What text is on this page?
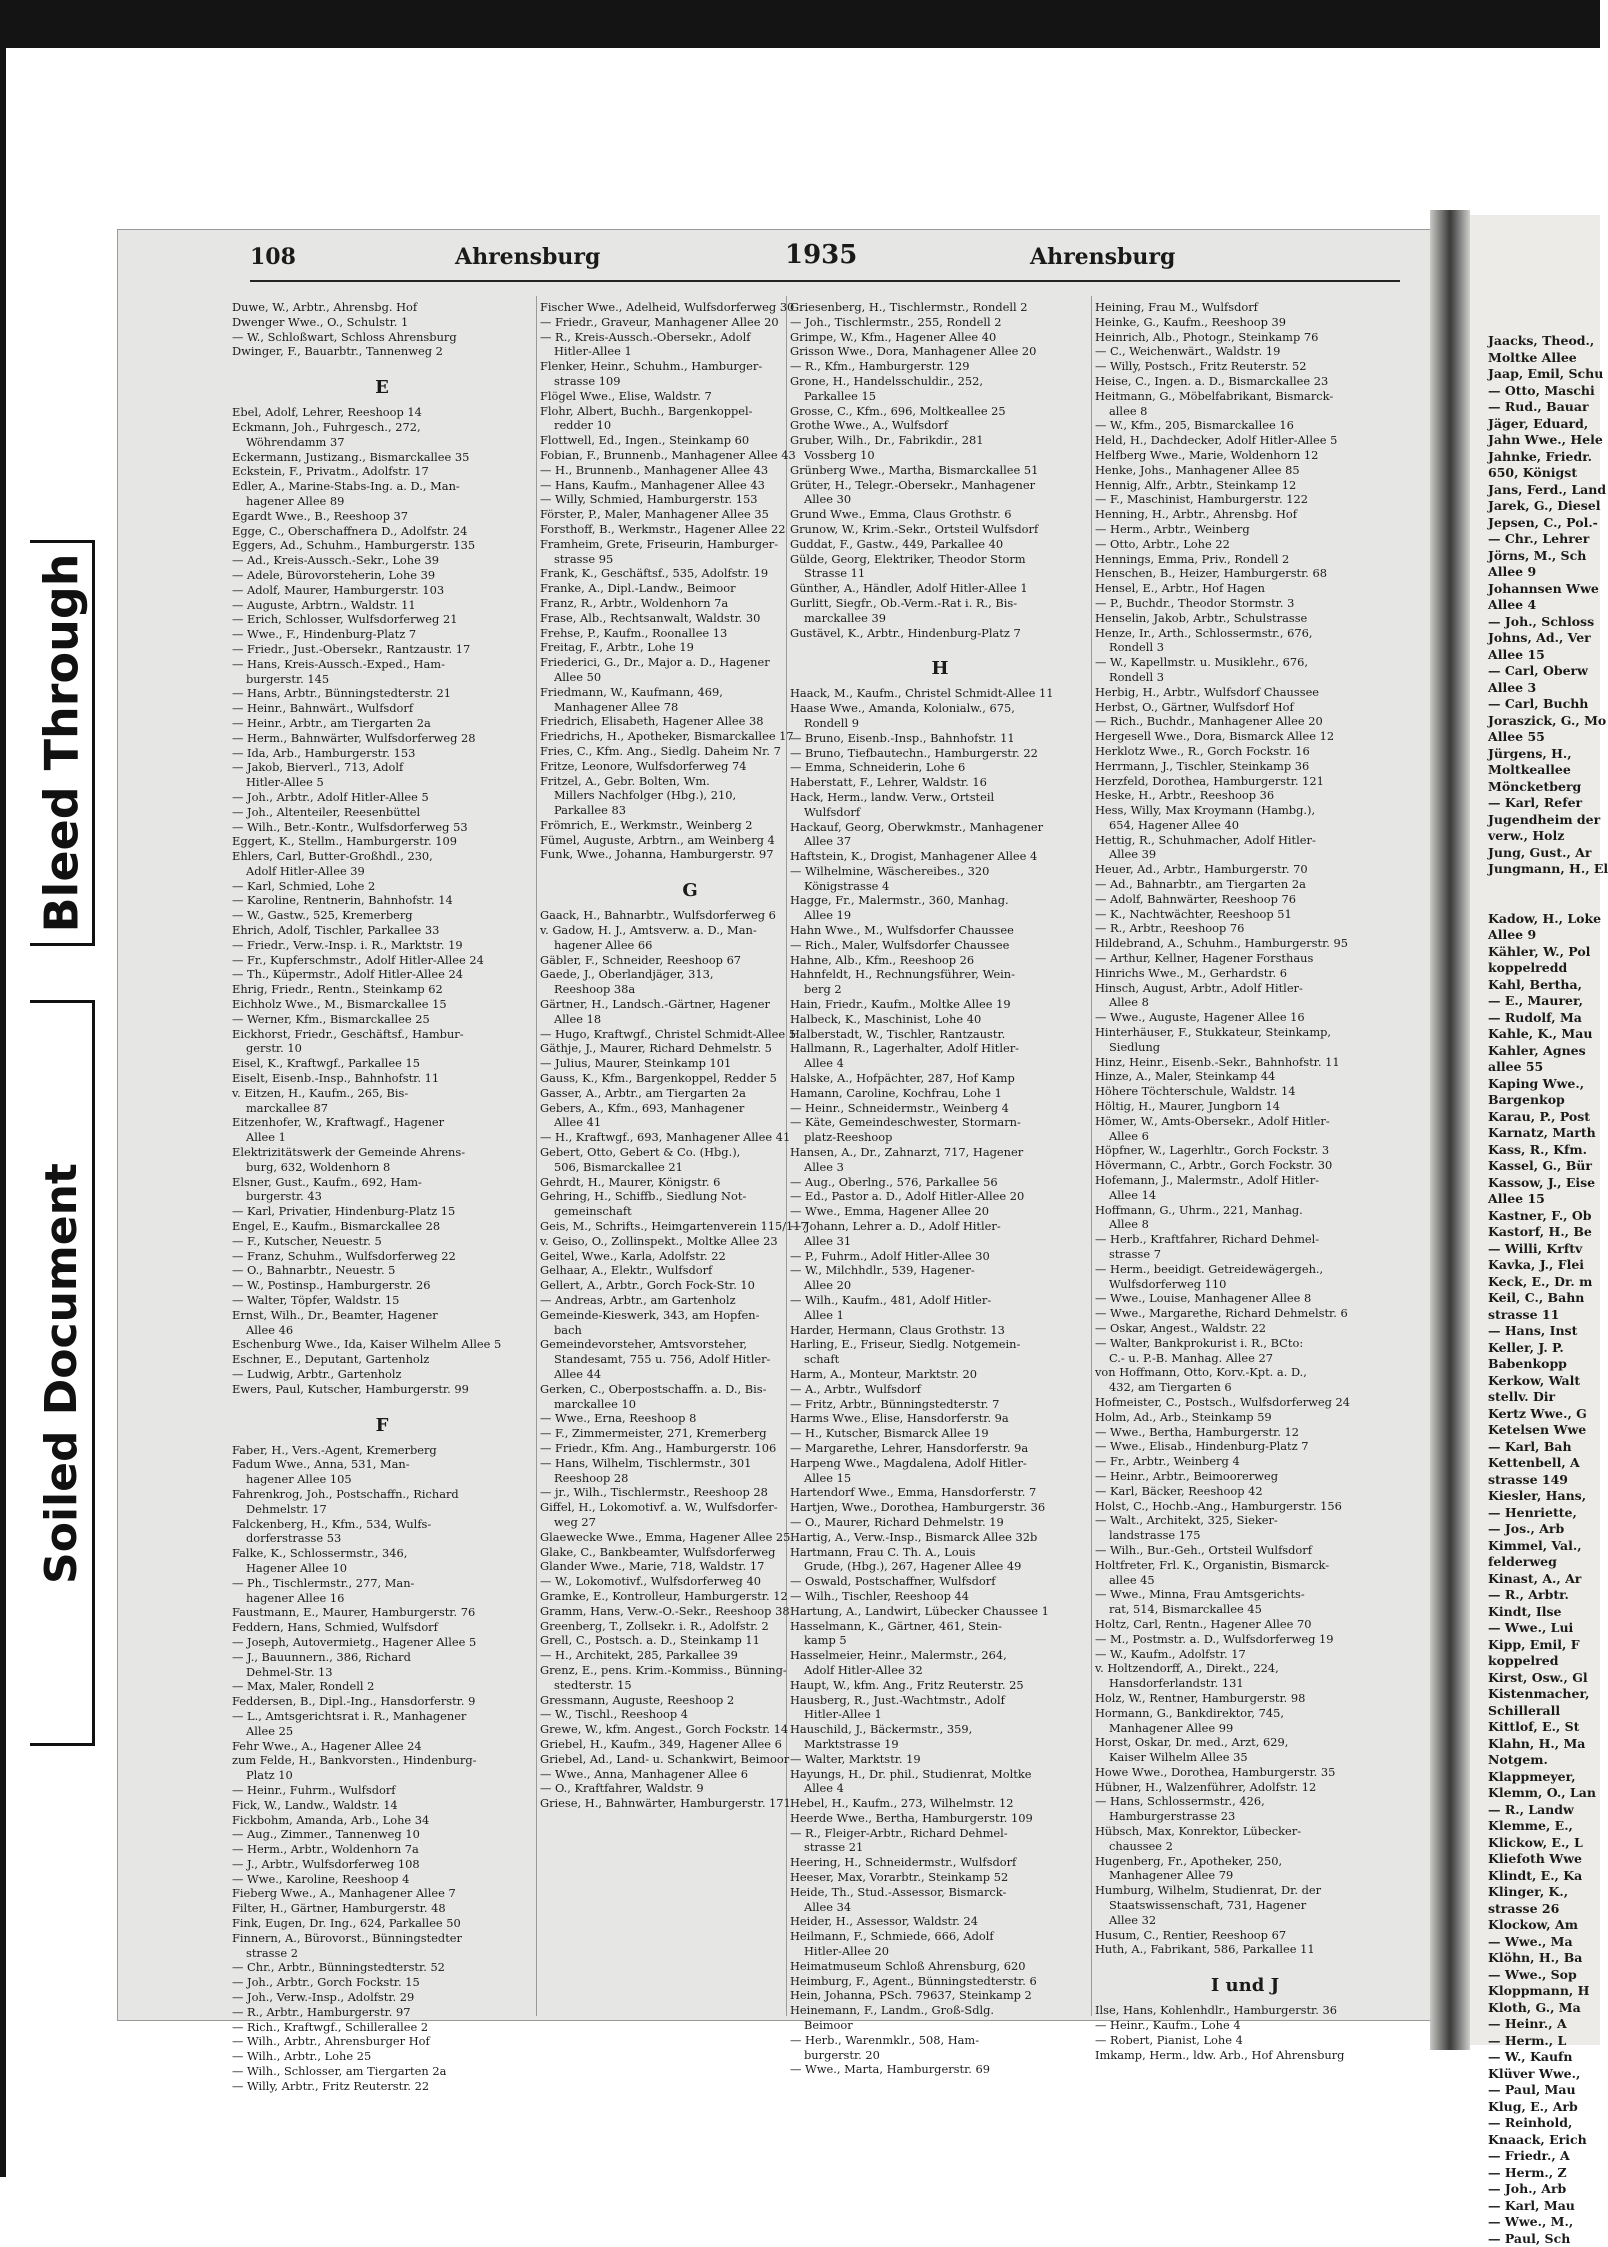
Bleed Through
Soiled Document
Jaacks, Theod.,
Moltke Allee
Jaap, Emil, Schu
— Otto, Maschi
— Rud., Bauar
Jäger, Eduard,
Jahn Wwe., Hele
Jahnke, Friedr.
650, Königst
Jans, Ferd., Land
Jarek, G., Diesel
Jepsen, C., Pol.-
— Chr., Lehrer
Jörns, M., Sch
Allee 9
Johannsen Wwe
Allee 4
— Joh., Schloss
Johns, Ad., Ver
Allee 15
— Carl, Oberw
Allee 3
— Carl, Buchh
Joraszick, G., Mo
Allee 55
Jürgens, H.,
Moltkeallee
Möncketberg
— Karl, Refer
Jugendheim der
verw., Holz
Jung, Gust., Ar
Jungmann, H., El

Kadow, H., Loke
Allee 9
Kähler, W., Pol
koppelredd
Kahl, Bertha,
— E., Maurer,
— Rudolf, Ma
Kahle, K., Mau
Kahler, Agnes
allee 55
Kaping Wwe.,
Bargenkop
Karau, P., Post
Karnatz, Marth
Kass, R., Kfm.
Kassel, G., Bür
Kassow, J., Eise
Allee 15
Kastner, F., Ob
Kastorf, H., Be
— Willi, Krftv
Kavka, J., Flei
Keck, E., Dr. m
Keil, C., Bahn
strasse 11
— Hans, Inst
Keller, J. P.
Babenkopp
Kerkow, Walt
stellv. Dir
Kertz Wwe., G
Ketelsen Wwe
— Karl, Bah
Kettenbell, A
strasse 149
Kiesler, Hans,
— Henriette,
— Jos., Arb
Kimmel, Val.,
felderweg
Kinast, A., Ar
— R., Arbtr.
Kindt, Ilse
— Wwe., Lui
Kipp, Emil, F
koppelred
Kirst, Osw., Gl
Kistenmacher,
Schillerall
Kittlof, E., St
Klahn, H., Ma
Notgem.
Klappmeyer,
Klemm, O., Lan
— R., Landw
Klemme, E.,
Klickow, E., L
Kliefoth Wwe
Klindt, E., Ka
Klinger, K.,
strasse 26
Klockow, Am
— Wwe., Ma
Klöhn, H., Ba
— Wwe., Sop
Kloppmann, H
Kloth, G., Ma
— Heinr., A
— Herm., L
— W., Kaufn
Klüver Wwe.,
— Paul, Mau
Klug, E., Arb
— Reinhold,
Knaack, Erich
— Friedr., A
— Herm., Z
— Joh., Arb
— Karl, Mau
— Wwe., M.,
— Paul, Sch
108	Ahrensburg	1935	Ahrensburg
Duwe, W., Arbtr., Ahrensbg. Hof
Dwenger Wwe., O., Schulstr. 1
— W., Schloßwart, Schloss Ahrensburg
Dwinger, F., Bauarbtr., Tannenweg 2
E
Ebel, Adolf, Lehrer, Reeshoop 14
Eckmann, Joh., Fuhrgesch., 272,
Wöhrendamm 37
Eckermann, Justizang., Bismarckallee 35
Eckstein, F., Privatm., Adolfstr. 17
Edler, A., Marine-Stabs-Ing. a. D., Man-
hagener Allee 89
Egardt Wwe., B., Reeshoop 37
Egge, C., Oberschaffnera D., Adolfstr. 24
Eggers, Ad., Schuhm., Hamburgerstr. 135
— Ad., Kreis-Aussch.-Sekr., Lohe 39
— Adele, Bürovorsteherin, Lohe 39
— Adolf, Maurer, Hamburgerstr. 103
— Auguste, Arbtrn., Waldstr. 11
— Erich, Schlosser, Wulfsdorferweg 21
— Wwe., F., Hindenburg-Platz 7
— Friedr., Just.-Obersekr., Rantzaustr. 17
— Hans, Kreis-Aussch.-Exped., Ham-
burgerstr. 145
— Hans, Arbtr., Bünningstedterstr. 21
— Heinr., Bahnwärt., Wulfsdorf
— Heinr., Arbtr., am Tiergarten 2a
— Herm., Bahnwärter, Wulfsdorferweg 28
— Ida, Arb., Hamburgerstr. 153
— Jakob, Bierverl., 713, Adolf
Hitler-Allee 5
— Joh., Arbtr., Adolf Hitler-Allee 5
— Joh., Altenteiler, Reesenbüttel
— Wilh., Betr.-Kontr., Wulfsdorferweg 53
Eggert, K., Stellm., Hamburgerstr. 109
Ehlers, Carl, Butter-Großhdl., 230,
Adolf Hitler-Allee 39
— Karl, Schmied, Lohe 2
— Karoline, Rentnerin, Bahnhofstr. 14
— W., Gastw., 525, Kremerberg
Ehrich, Adolf, Tischler, Parkallee 33
— Friedr., Verw.-Insp. i. R., Marktstr. 19
— Fr., Kupferschmstr., Adolf Hitler-Allee 24
— Th., Küpermstr., Adolf Hitler-Allee 24
Ehrig, Friedr., Rentn., Steinkamp 62
Eichholz Wwe., M., Bismarckallee 15
— Werner, Kfm., Bismarckallee 25
Eickhorst, Friedr., Geschäftsf., Hambur-
gerstr. 10
Eisel, K., Kraftwgf., Parkallee 15
Eiselt, Eisenb.-Insp., Bahnhofstr. 11
v. Eitzen, H., Kaufm., 265, Bis-
marckallee 87
Eitzenhofer, W., Kraftwagf., Hagener
Allee 1
Elektrizitätswerk der Gemeinde Ahrens-
burg, 632, Woldenhorn 8
Elsner, Gust., Kaufm., 692, Ham-
burgerstr. 43
— Karl, Privatier, Hindenburg-Platz 15
Engel, E., Kaufm., Bismarckallee 28
— F., Kutscher, Neuestr. 5
— Franz, Schuhm., Wulfsdorferweg 22
— O., Bahnarbtr., Neuestr. 5
— W., Postinsp., Hamburgerstr. 26
— Walter, Töpfer, Waldstr. 15
Ernst, Wilh., Dr., Beamter, Hagener
Allee 46
Eschenburg Wwe., Ida, Kaiser Wilhelm Allee 5
Eschner, E., Deputant, Gartenholz
— Ludwig, Arbtr., Gartenholz
Ewers, Paul, Kutscher, Hamburgerstr. 99
F
Faber, H., Vers.-Agent, Kremerberg
Fadum Wwe., Anna, 531, Man-
hagener Allee 105
Fahrenkrog, Joh., Postschaffn., Richard
Dehmelstr. 17
Falckenberg, H., Kfm., 534, Wulfs-
dorferstrasse 53
Falke, K., Schlossermstr., 346,
Hagener Allee 10
— Ph., Tischlermstr., 277, Man-
hagener Allee 16
Faustmann, E., Maurer, Hamburgerstr. 76
Feddern, Hans, Schmied, Wulfsdorf
— Joseph, Autovermietg., Hagener Allee 5
— J., Bauunnern., 386, Richard
Dehmel-Str. 13
— Max, Maler, Rondell 2
Feddersen, B., Dipl.-Ing., Hansdorferstr. 9
— L., Amtsgerichtsrat i. R., Manhagener
Allee 25
Fehr Wwe., A., Hagener Allee 24
zum Felde, H., Bankvorsten., Hindenburg-
Platz 10
— Heinr., Fuhrm., Wulfsdorf
Fick, W., Landw., Waldstr. 14
Fickbohm, Amanda, Arb., Lohe 34
— Aug., Zimmer., Tannenweg 10
— Herm., Arbtr., Woldenhorn 7a
— J., Arbtr., Wulfsdorferweg 108
— Wwe., Karoline, Reeshoop 4
Fieberg Wwe., A., Manhagener Allee 7
Filter, H., Gärtner, Hamburgerstr. 48
Fink, Eugen, Dr. Ing., 624, Parkallee 50
Finnern, A., Bürovorst., Bünningstedter
strasse 2
— Chr., Arbtr., Bünningstedterstr. 52
— Joh., Arbtr., Gorch Fockstr. 15
— Joh., Verw.-Insp., Adolfstr. 29
— R., Arbtr., Hamburgerstr. 97
— Rich., Kraftwgf., Schillerallee 2
— Wilh., Arbtr., Ahrensburger Hof
— Wilh., Arbtr., Lohe 25
— Wilh., Schlosser, am Tiergarten 2a
— Willy, Arbtr., Fritz Reuterstr. 22
Fischer Wwe., Adelheid, Wulfsdorferweg 30
— Friedr., Graveur, Manhagener Allee 20
— R., Kreis-Aussch.-Obersekr., Adolf
Hitler-Allee 1
Flenker, Heinr., Schuhm., Hamburger-
strasse 109
Flögel Wwe., Elise, Waldstr. 7
Flohr, Albert, Buchh., Bargenkoppel-
redder 10
Flottwell, Ed., Ingen., Steinkamp 60
Fobian, F., Brunnenb., Manhagener Allee 43
— H., Brunnenb., Manhagener Allee 43
— Hans, Kaufm., Manhagener Allee 43
— Willy, Schmied, Hamburgerstr. 153
Förster, P., Maler, Manhagener Allee 35
Forsthoff, B., Werkmstr., Hagener Allee 22
Framheim, Grete, Friseurin, Hamburger-
strasse 95
Frank, K., Geschäftsf., 535, Adolfstr. 19
Franke, A., Dipl.-Landw., Beimoor
Franz, R., Arbtr., Woldenhorn 7a
Frase, Alb., Rechtsanwalt, Waldstr. 30
Frehse, P., Kaufm., Roonallee 13
Freitag, F., Arbtr., Lohe 19
Friederici, G., Dr., Major a. D., Hagener
Allee 50
Friedmann, W., Kaufmann, 469,
Manhagener Allee 78
Friedrich, Elisabeth, Hagener Allee 38
Friedrichs, H., Apotheker, Bismarckallee 17
Fries, C., Kfm. Ang., Siedlg. Daheim Nr. 7
Fritze, Leonore, Wulfsdorferweg 74
Fritzel, A., Gebr. Bolten, Wm.
Millers Nachfolger (Hbg.), 210,
Parkallee 83
Frömrich, E., Werkmstr., Weinberg 2
Fümel, Auguste, Arbtrn., am Weinberg 4
Funk, Wwe., Johanna, Hamburgerstr. 97
G
Gaack, H., Bahnarbtr., Wulfsdorferweg 6
v. Gadow, H. J., Amtsverw. a. D., Man-
hagener Allee 66
Gäbler, F., Schneider, Reeshoop 67
Gaede, J., Oberlandjäger, 313,
Reeshoop 38a
Gärtner, H., Landsch.-Gärtner, Hagener
Allee 18
— Hugo, Kraftwgf., Christel Schmidt-Allee 5
Gäthje, J., Maurer, Richard Dehmelstr. 5
— Julius, Maurer, Steinkamp 101
Gauss, K., Kfm., Bargenkoppel, Redder 5
Gasser, A., Arbtr., am Tiergarten 2a
Gebers, A., Kfm., 693, Manhagener
Allee 41
— H., Kraftwgf., 693, Manhagener Allee 41
Gebert, Otto, Gebert & Co. (Hbg.),
506, Bismarckallee 21
Gehrdt, H., Maurer, Königstr. 6
Gehring, H., Schiffb., Siedlung Not-
gemeinschaft
Geis, M., Schrifts., Heimgartenverein 115/117
v. Geiso, O., Zollinspekt., Moltke Allee 23
Geitel, Wwe., Karla, Adolfstr. 22
Gelhaar, A., Elektr., Wulfsdorf
Gellert, A., Arbtr., Gorch Fock-Str. 10
— Andreas, Arbtr., am Gartenholz
Gemeinde-Kieswerk, 343, am Hopfen-
bach
Gemeindevorsteher, Amtsvorsteher,
Standesamt, 755 u. 756, Adolf Hitler-
Allee 44
Gerken, C., Oberpostschaffn. a. D., Bis-
marckallee 10
— Wwe., Erna, Reeshoop 8
— F., Zimmermeister, 271, Kremerberg
— Friedr., Kfm. Ang., Hamburgerstr. 106
— Hans, Wilhelm, Tischlermstr., 301
Reeshoop 28
— jr., Wilh., Tischlermstr., Reeshoop 28
Giffel, H., Lokomotivf. a. W., Wulfsdorfer-
weg 27
Glaewecke Wwe., Emma, Hagener Allee 25
Glake, C., Bankbeamter, Wulfsdorferweg
Glander Wwe., Marie, 718, Waldstr. 17
— W., Lokomotivf., Wulfsdorferweg 40
Gramke, E., Kontrolleur, Hamburgerstr. 12
Gramm, Hans, Verw.-O.-Sekr., Reeshoop 38
Greenberg, T., Zollsekr. i. R., Adolfstr. 2
Grell, C., Postsch. a. D., Steinkamp 11
— H., Architekt, 285, Parkallee 39
Grenz, E., pens. Krim.-Kommiss., Bünning-
stedterstr. 15
Gressmann, Auguste, Reeshoop 2
— W., Tischl., Reeshoop 4
Grewe, W., kfm. Angest., Gorch Fockstr. 14
Griebel, H., Kaufm., 349, Hagener Allee 6
Griebel, Ad., Land- u. Schankwirt, Beimoor
— Wwe., Anna, Manhagener Allee 6
— O., Kraftfahrer, Waldstr. 9
Griese, H., Bahnwärter, Hamburgerstr. 171
Griesenberg, H., Tischlermstr., Rondell 2
— Joh., Tischlermstr., 255, Rondell 2
Grimpe, W., Kfm., Hagener Allee 40
Grisson Wwe., Dora, Manhagener Allee 20
— R., Kfm., Hamburgerstr. 129
Grone, H., Handelsschuldir., 252,
Parkallee 15
Grosse, C., Kfm., 696, Moltkeallee 25
Grothe Wwe., A., Wulfsdorf
Gruber, Wilh., Dr., Fabrikdir., 281
Vossberg 10
Grünberg Wwe., Martha, Bismarckallee 51
Grüter, H., Telegr.-Obersekr., Manhagener
Allee 30
Grund Wwe., Emma, Claus Grothstr. 6
Grunow, W., Krim.-Sekr., Ortsteil Wulfsdorf
Guddat, F., Gastw., 449, Parkallee 40
Gülde, Georg, Elektriker, Theodor Storm
Strasse 11
Günther, A., Händler, Adolf Hitler-Allee 1
Gurlitt, Siegfr., Ob.-Verm.-Rat i. R., Bis-
marckallee 39
Gustävel, K., Arbtr., Hindenburg-Platz 7
H
Haack, M., Kaufm., Christel Schmidt-Allee 11
Haase Wwe., Amanda, Kolonialw., 675,
Rondell 9
— Bruno, Eisenb.-Insp., Bahnhofstr. 11
— Bruno, Tiefbautechn., Hamburgerstr. 22
— Emma, Schneiderin, Lohe 6
Haberstatt, F., Lehrer, Waldstr. 16
Hack, Herm., landw. Verw., Ortsteil
Wulfsdorf
Hackauf, Georg, Oberwkmstr., Manhagener
Allee 37
Haftstein, K., Drogist, Manhagener Allee 4
— Wilhelmine, Wäschereibes., 320
Königstrasse 4
Hagge, Fr., Malermstr., 360, Manhag.
Allee 19
Hahn Wwe., M., Wulfsdorfer Chaussee
— Rich., Maler, Wulfsdorfer Chaussee
Hahne, Alb., Kfm., Reeshoop 26
Hahnfeldt, H., Rechnungsführer, Wein-
berg 2
Hain, Friedr., Kaufm., Moltke Allee 19
Halbeck, K., Maschinist, Lohe 40
Halberstadt, W., Tischler, Rantzaustr.
Hallmann, R., Lagerhalter, Adolf Hitler-
Allee 4
Halske, A., Hofpächter, 287, Hof Kamp
Hamann, Caroline, Kochfrau, Lohe 1
— Heinr., Schneidermstr., Weinberg 4
— Käte, Gemeindeschwester, Stormarn-
platz-Reeshoop
Hansen, A., Dr., Zahnarzt, 717, Hagener
Allee 3
— Aug., Oberlng., 576, Parkallee 56
— Ed., Pastor a. D., Adolf Hitler-Allee 20
— Wwe., Emma, Hagener Allee 20
— Johann, Lehrer a. D., Adolf Hitler-
Allee 31
— P., Fuhrm., Adolf Hitler-Allee 30
— W., Milchhdlr., 539, Hagener-
Allee 20
— Wilh., Kaufm., 481, Adolf Hitler-
Allee 1
Harder, Hermann, Claus Grothstr. 13
Harling, E., Friseur, Siedlg. Notgemein-
schaft
Harm, A., Monteur, Marktstr. 20
— A., Arbtr., Wulfsdorf
— Fritz, Arbtr., Bünningstedterstr. 7
Harms Wwe., Elise, Hansdorferstr. 9a
— H., Kutscher, Bismarck Allee 19
— Margarethe, Lehrer, Hansdorferstr. 9a
Harpeng Wwe., Magdalena, Adolf Hitler-
Allee 15
Hartendorf Wwe., Emma, Hansdorferstr. 7
Hartjen, Wwe., Dorothea, Hamburgerstr. 36
— O., Maurer, Richard Dehmelstr. 19
Hartig, A., Verw.-Insp., Bismarck Allee 32b
Hartmann, Frau C. Th. A., Louis
Grude, (Hbg.), 267, Hagener Allee 49
— Oswald, Postschaffner, Wulfsdorf
— Wilh., Tischler, Reeshoop 44
Hartung, A., Landwirt, Lübecker Chaussee 1
Hasselmann, K., Gärtner, 461, Stein-
kamp 5
Hasselmeier, Heinr., Malermstr., 264,
Adolf Hitler-Allee 32
Haupt, W., kfm. Ang., Fritz Reuterstr. 25
Hausberg, R., Just.-Wachtmstr., Adolf
Hitler-Allee 1
Hauschild, J., Bäckermstr., 359,
Marktstrasse 19
— Walter, Marktstr. 19
Hayungs, H., Dr. phil., Studienrat, Moltke
Allee 4
Hebel, H., Kaufm., 273, Wilhelmstr. 12
Heerde Wwe., Bertha, Hamburgerstr. 109
— R., Fleiger-Arbtr., Richard Dehmel-
strasse 21
Heering, H., Schneidermstr., Wulfsdorf
Heeser, Max, Vorarbtr., Steinkamp 52
Heide, Th., Stud.-Assessor, Bismarck-
Allee 34
Heider, H., Assessor, Waldstr. 24
Heilmann, F., Schmiede, 666, Adolf
Hitler-Allee 20
Heimatmuseum Schloß Ahrensburg, 620
Heimburg, F., Agent., Bünningstedterstr. 6
Hein, Johanna, PSch. 79637, Steinkamp 2
Heinemann, F., Landm., Groß-Sdlg.
Beimoor
— Herb., Warenmklr., 508, Ham-
burgerstr. 20
— Wwe., Marta, Hamburgerstr. 69
Heining, Frau M., Wulfsdorf
Heinke, G., Kaufm., Reeshoop 39
Heinrich, Alb., Photogr., Steinkamp 76
— C., Weichenwärt., Waldstr. 19
— Willy, Postsch., Fritz Reuterstr. 52
Heise, C., Ingen. a. D., Bismarckallee 23
Heitmann, G., Möbelfabrikant, Bismarck-
allee 8
— W., Kfm., 205, Bismarckallee 16
Held, H., Dachdecker, Adolf Hitler-Allee 5
Helfberg Wwe., Marie, Woldenhorn 12
Henke, Johs., Manhagener Allee 85
Hennig, Alfr., Arbtr., Steinkamp 12
— F., Maschinist, Hamburgerstr. 122
Henning, H., Arbtr., Ahrensbg. Hof
— Herm., Arbtr., Weinberg
— Otto, Arbtr., Lohe 22
Hennings, Emma, Priv., Rondell 2
Henschen, B., Heizer, Hamburgerstr. 68
Hensel, E., Arbtr., Hof Hagen
— P., Buchdr., Theodor Stormstr. 3
Henselin, Jakob, Arbtr., Schulstrasse
Henze, Ir., Arth., Schlossermstr., 676,
Rondell 3
— W., Kapellmstr. u. Musiklehr., 676,
Rondell 3
Herbig, H., Arbtr., Wulfsdorf Chaussee
Herbst, O., Gärtner, Wulfsdorf Hof
— Rich., Buchdr., Manhagener Allee 20
Hergesell Wwe., Dora, Bismarck Allee 12
Herklotz Wwe., R., Gorch Fockstr. 16
Herrmann, J., Tischler, Steinkamp 36
Herzfeld, Dorothea, Hamburgerstr. 121
Heske, H., Arbtr., Reeshoop 36
Hess, Willy, Max Kroymann (Hambg.),
654, Hagener Allee 40
Hettig, R., Schuhmacher, Adolf Hitler-
Allee 39
Heuer, Ad., Arbtr., Hamburgerstr. 70
— Ad., Bahnarbtr., am Tiergarten 2a
— Adolf, Bahnwärter, Reeshoop 76
— K., Nachtwächter, Reeshoop 51
— R., Arbtr., Reeshoop 76
Hildebrand, A., Schuhm., Hamburgerstr. 95
— Arthur, Kellner, Hagener Forsthaus
Hinrichs Wwe., M., Gerhardstr. 6
Hinsch, August, Arbtr., Adolf Hitler-
Allee 8
— Wwe., Auguste, Hagener Allee 16
Hinterhäuser, F., Stukkateur, Steinkamp,
Siedlung
Hinz, Heinr., Eisenb.-Sekr., Bahnhofstr. 11
Hinze, A., Maler, Steinkamp 44
Höhere Töchterschule, Waldstr. 14
Höltig, H., Maurer, Jungborn 14
Hömer, W., Amts-Obersekr., Adolf Hitler-
Allee 6
Höpfner, W., Lagerhltr., Gorch Fockstr. 3
Hövermann, C., Arbtr., Gorch Fockstr. 30
Hofemann, J., Malermstr., Adolf Hitler-
Allee 14
Hoffmann, G., Uhrm., 221, Manhag.
Allee 8
— Herb., Kraftfahrer, Richard Dehmel-
strasse 7
— Herm., beeidigt. Getreidewägergeh.,
Wulfsdorferweg 110
— Wwe., Louise, Manhagener Allee 8
— Wwe., Margarethe, Richard Dehmelstr. 6
— Oskar, Angest., Waldstr. 22
— Walter, Bankprokurist i. R., BCto:
C.- u. P.-B. Manhag. Allee 27
von Hoffmann, Otto, Korv.-Kpt. a. D.,
432, am Tiergarten 6
Hofmeister, C., Postsch., Wulfsdorferweg 24
Holm, Ad., Arb., Steinkamp 59
— Wwe., Bertha, Hamburgerstr. 12
— Wwe., Elisab., Hindenburg-Platz 7
— Fr., Arbtr., Weinberg 4
— Heinr., Arbtr., Beimoorerweg
— Karl, Bäcker, Reeshoop 42
Holst, C., Hochb.-Ang., Hamburgerstr. 156
— Walt., Architekt, 325, Sieker-
landstrasse 175
— Wilh., Bur.-Geh., Ortsteil Wulfsdorf
Holtfreter, Frl. K., Organistin, Bismarck-
allee 45
— Wwe., Minna, Frau Amtsgerichts-
rat, 514, Bismarckallee 45
Holtz, Carl, Rentn., Hagener Allee 70
— M., Postmstr. a. D., Wulfsdorferweg 19
— W., Kaufm., Adolfstr. 17
v. Holtzendorff, A., Direkt., 224,
Hansdorferlandstr. 131
Holz, W., Rentner, Hamburgerstr. 98
Hormann, G., Bankdirektor, 745,
Manhagener Allee 99
Horst, Oskar, Dr. med., Arzt, 629,
Kaiser Wilhelm Allee 35
Howe Wwe., Dorothea, Hamburgerstr. 35
Hübner, H., Walzenführer, Adolfstr. 12
— Hans, Schlossermstr., 426,
Hamburgerstrasse 23
Hübsch, Max, Konrektor, Lübecker-
chaussee 2
Hugenberg, Fr., Apotheker, 250,
Manhagener Allee 79
Humburg, Wilhelm, Studienrat, Dr. der
Staatswissenschaft, 731, Hagener
Allee 32
Husum, C., Rentier, Reeshoop 67
Huth, A., Fabrikant, 586, Parkallee 11
I und J
Ilse, Hans, Kohlenhdlr., Hamburgerstr. 36
— Heinr., Kaufm., Lohe 4
— Robert, Pianist, Lohe 4
Imkamp, Herm., ldw. Arb., Hof Ahrensburg
